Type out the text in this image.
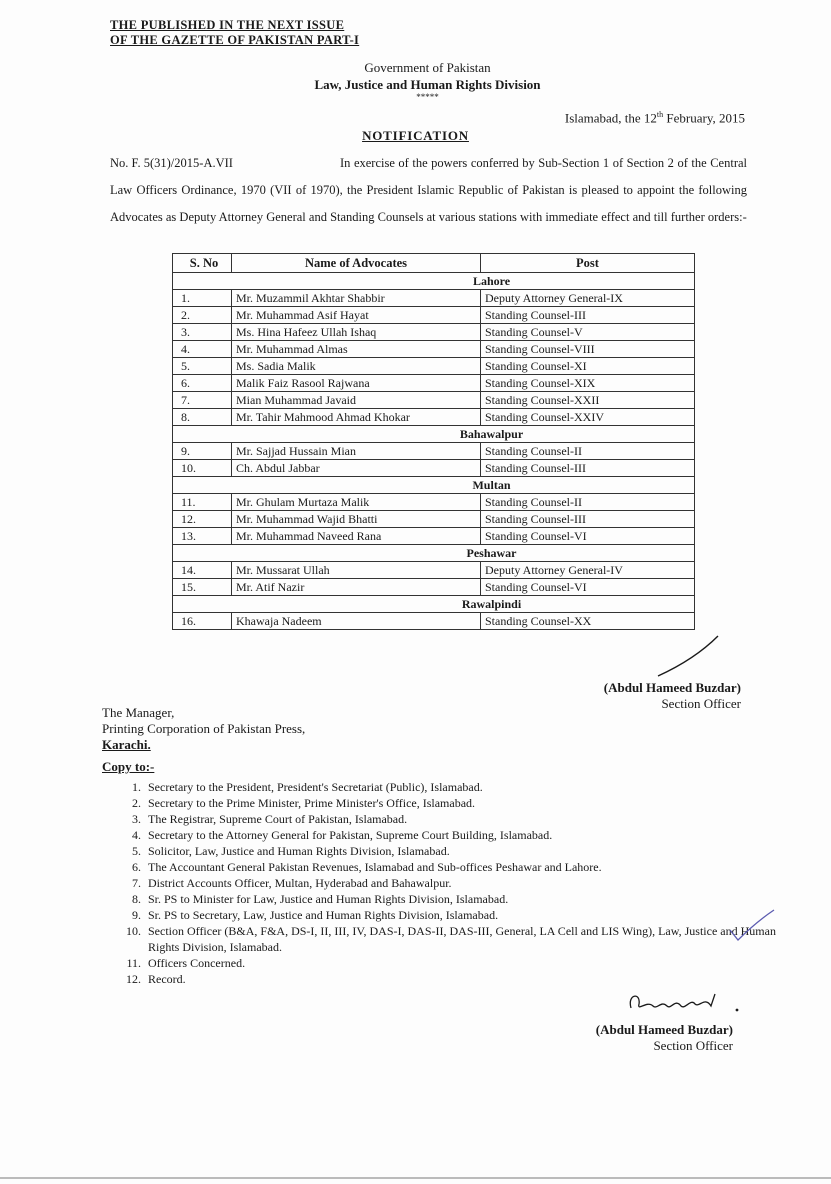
THE PUBLISHED IN THE NEXT ISSUE
OF THE GAZETTE OF PAKISTAN PART-I
Government of Pakistan
Law, Justice and Human Rights Division
*****
Islamabad, the 12th February, 2015
NOTIFICATION
No. F. 5(31)/2015-A.VII	In exercise of the powers conferred by Sub-Section 1 of Section 2 of the Central Law Officers Ordinance, 1970 (VII of 1970), the President Islamic Republic of Pakistan is pleased to appoint the following Advocates as Deputy Attorney General and Standing Counsels at various stations with immediate effect and till further orders:-
S. No	Name of Advocates	Post
Lahore		
1.	Mr. Muzammil Akhtar Shabbir	Deputy Attorney General-IX
2.	Mr. Muhammad Asif Hayat	Standing Counsel-III
3.	Ms. Hina Hafeez Ullah Ishaq	Standing Counsel-V
4.	Mr. Muhammad Almas	Standing Counsel-VIII
5.	Ms. Sadia Malik	Standing Counsel-XI
6.	Malik Faiz Rasool Rajwana	Standing Counsel-XIX
7.	Mian Muhammad Javaid	Standing Counsel-XXII
8.	Mr. Tahir Mahmood Ahmad Khokar	Standing Counsel-XXIV
Bahawalpur		
9.	Mr. Sajjad Hussain Mian	Standing Counsel-II
10.	Ch. Abdul Jabbar	Standing Counsel-III
Multan		
11.	Mr. Ghulam Murtaza Malik	Standing Counsel-II
12.	Mr. Muhammad Wajid Bhatti	Standing Counsel-III
13.	Mr. Muhammad Naveed Rana	Standing Counsel-VI
Peshawar		
14.	Mr. Mussarat Ullah	Deputy Attorney General-IV
15.	Mr. Atif Nazir	Standing Counsel-VI
Rawalpindi		
16.	Khawaja Nadeem	Standing Counsel-XX
(Abdul Hameed Buzdar)
Section Officer
The Manager,
Printing Corporation of Pakistan Press,
Karachi.
Copy to:-
1. Secretary to the President, President's Secretariat (Public), Islamabad.
2. Secretary to the Prime Minister, Prime Minister's Office, Islamabad.
3. The Registrar, Supreme Court of Pakistan, Islamabad.
4. Secretary to the Attorney General for Pakistan, Supreme Court Building, Islamabad.
5. Solicitor, Law, Justice and Human Rights Division, Islamabad.
6. The Accountant General Pakistan Revenues, Islamabad and Sub-offices Peshawar and Lahore.
7. District Accounts Officer, Multan, Hyderabad and Bahawalpur.
8. Sr. PS to Minister for Law, Justice and Human Rights Division, Islamabad.
9. Sr. PS to Secretary, Law, Justice and Human Rights Division, Islamabad.
10. Section Officer (B&A, F&A, DS-I, II, III, IV, DAS-I, DAS-II, DAS-III, General, LA Cell and LIS Wing), Law, Justice and Human Rights Division, Islamabad.
11. Officers Concerned.
12. Record.
(Abdul Hameed Buzdar)
Section Officer
